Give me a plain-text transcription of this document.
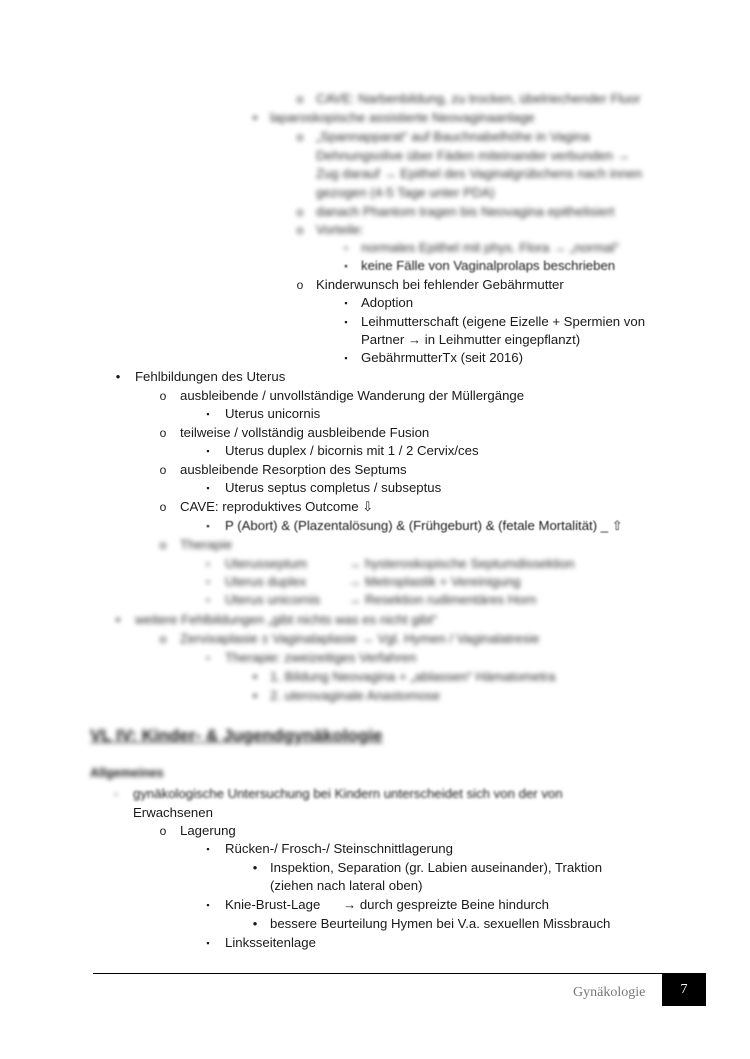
o CAVE: Narbenbildung, zu trocken, übelriechender Fluor
• laparoskopische assistierte Neovaginaanlage
o „Spannapparat“ auf Bauchnabelhöhe in Vagina
Dehnungsolive über Fäden miteinander verbunden →
Zug darauf → Epithel des Vaginalgrübchens nach innen
gezogen (4-5 Tage unter PDA)
o danach Phantom tragen bis Neovagina epithelisiert
o Vorteile:
▪	normales Epithel mit phys. Flora → „normal“
▪	keine Fälle von Vaginalprolaps beschrieben
o Kinderwunsch bei fehlender Gebährmutter
▪	Adoption
▪	Leihmutterschaft (eigene Eizelle + Spermien von
Partner → in Leihmutter eingepflanzt)
▪	GebährmutterTx (seit 2016)
•	Fehlbildungen des Uterus
o	ausbleibende / unvollständige Wanderung der Müllergänge
▪	Uterus unicornis
o	teilweise / vollständig ausbleibende Fusion
▪	Uterus duplex / bicornis mit 1 / 2 Cervix/ces
o	ausbleibende Resorption des Septums
▪	Uterus septus completus / subseptus
o	CAVE: reproduktives Outcome ⇩
▪	P (Abort) & (Plazentalösung) & (Frühgeburt) & (fetale Mortalität) _ ⇧
o	Therapie
▪	Uterusseptum	→ hysteroskopische Septumdissektion
▪	Uterus duplex	→ Metroplastik + Vereinigung
▪	Uterus unicornis → Resektion rudimentäres Horn
•	weitere Fehlbildungen „gibt nichts was es nicht gibt“
o	Zervixaplasie ± Vaginalaplasie → Vgl. Hymen / Vaginalatresie
▪	Therapie: zweizeitiges Verfahren
• 1. Bildung Neovagina + „ablassen“ Hämatometra
• 2. uterovaginale Anastomose
VL IV: Kinder- & Jugendgynäkologie
Allgemeines
-	gynäkologische Untersuchung bei Kindern unterscheidet sich von der von
Erwachsenen
o	Lagerung
▪	Rücken-/ Frosch-/ Steinschnittlagerung
• Inspektion, Separation (gr. Labien auseinander), Traktion
(ziehen nach lateral oben)
▪	Knie-Brust-Lage → durch gespreizte Beine hindurch
• bessere Beurteilung Hymen bei V.a. sexuellen Missbrauch
▪	Linksseitenlage
Gynäkologie	7
